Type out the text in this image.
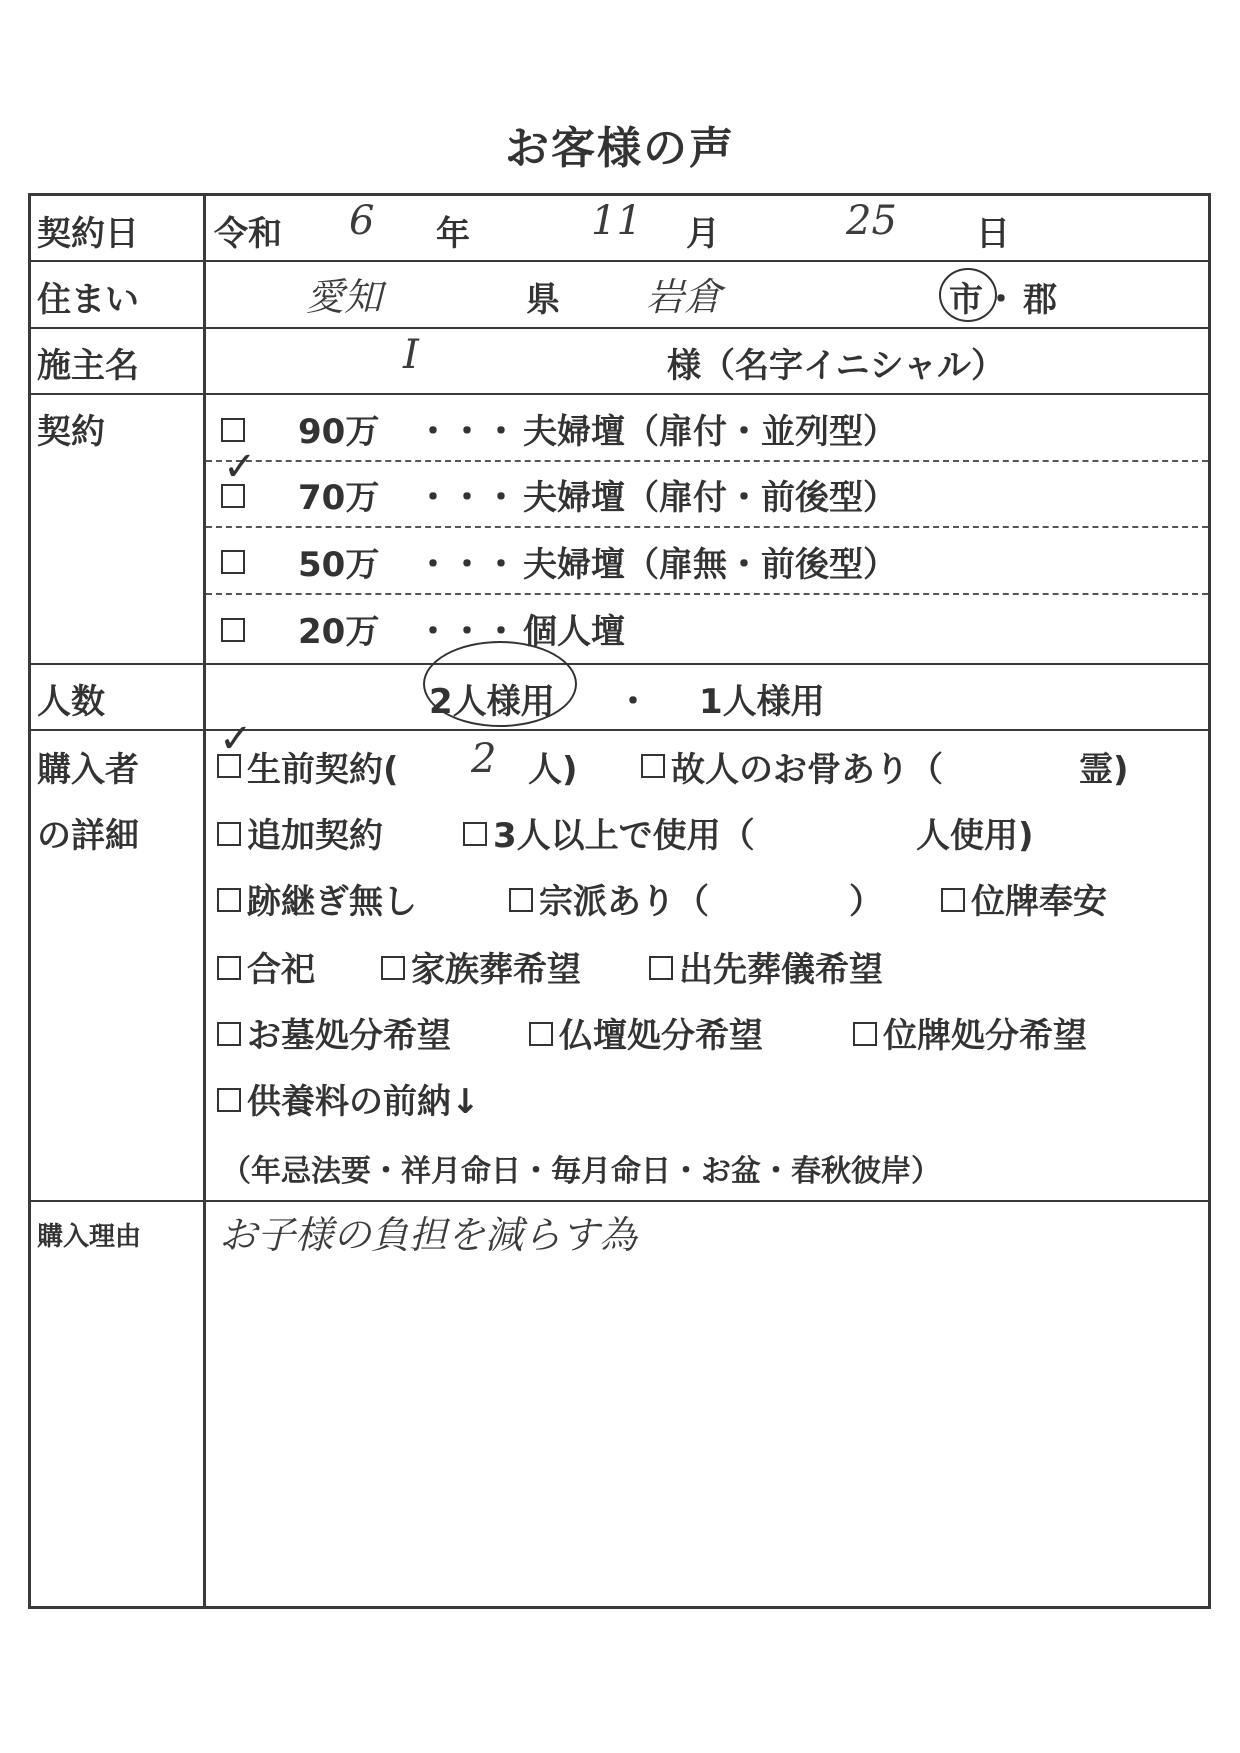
お客様の声
契約日 令和 6 年	11 月	25 日
住まい	愛知	県 岩倉	市 ・ 郡
施主名	I	様（名字イニシャル）
契約	90万 ・・・ 夫婦壇（扉付・並列型）
✓
70万 ・・・ 夫婦壇（扉付・前後型）
50万 ・・・ 夫婦壇（扉無・前後型）
20万 ・・・ 個人壇
人数	2人様用 ・ 1人様用
購入者
の詳細
✓
生前契約( 2 人)	故人のお骨あり（	霊)
追加契約	3人以上で使用（	人使用)
跡継ぎ無し	宗派あり（	）	位牌奉安
合祀	家族葬希望	出先葬儀希望
お墓処分希望	仏壇処分希望	位牌処分希望
供養料の前納↓
（年忌法要・祥月命日・毎月命日・お盆・春秋彼岸）
購入理由 お子様の負担を減らす為
